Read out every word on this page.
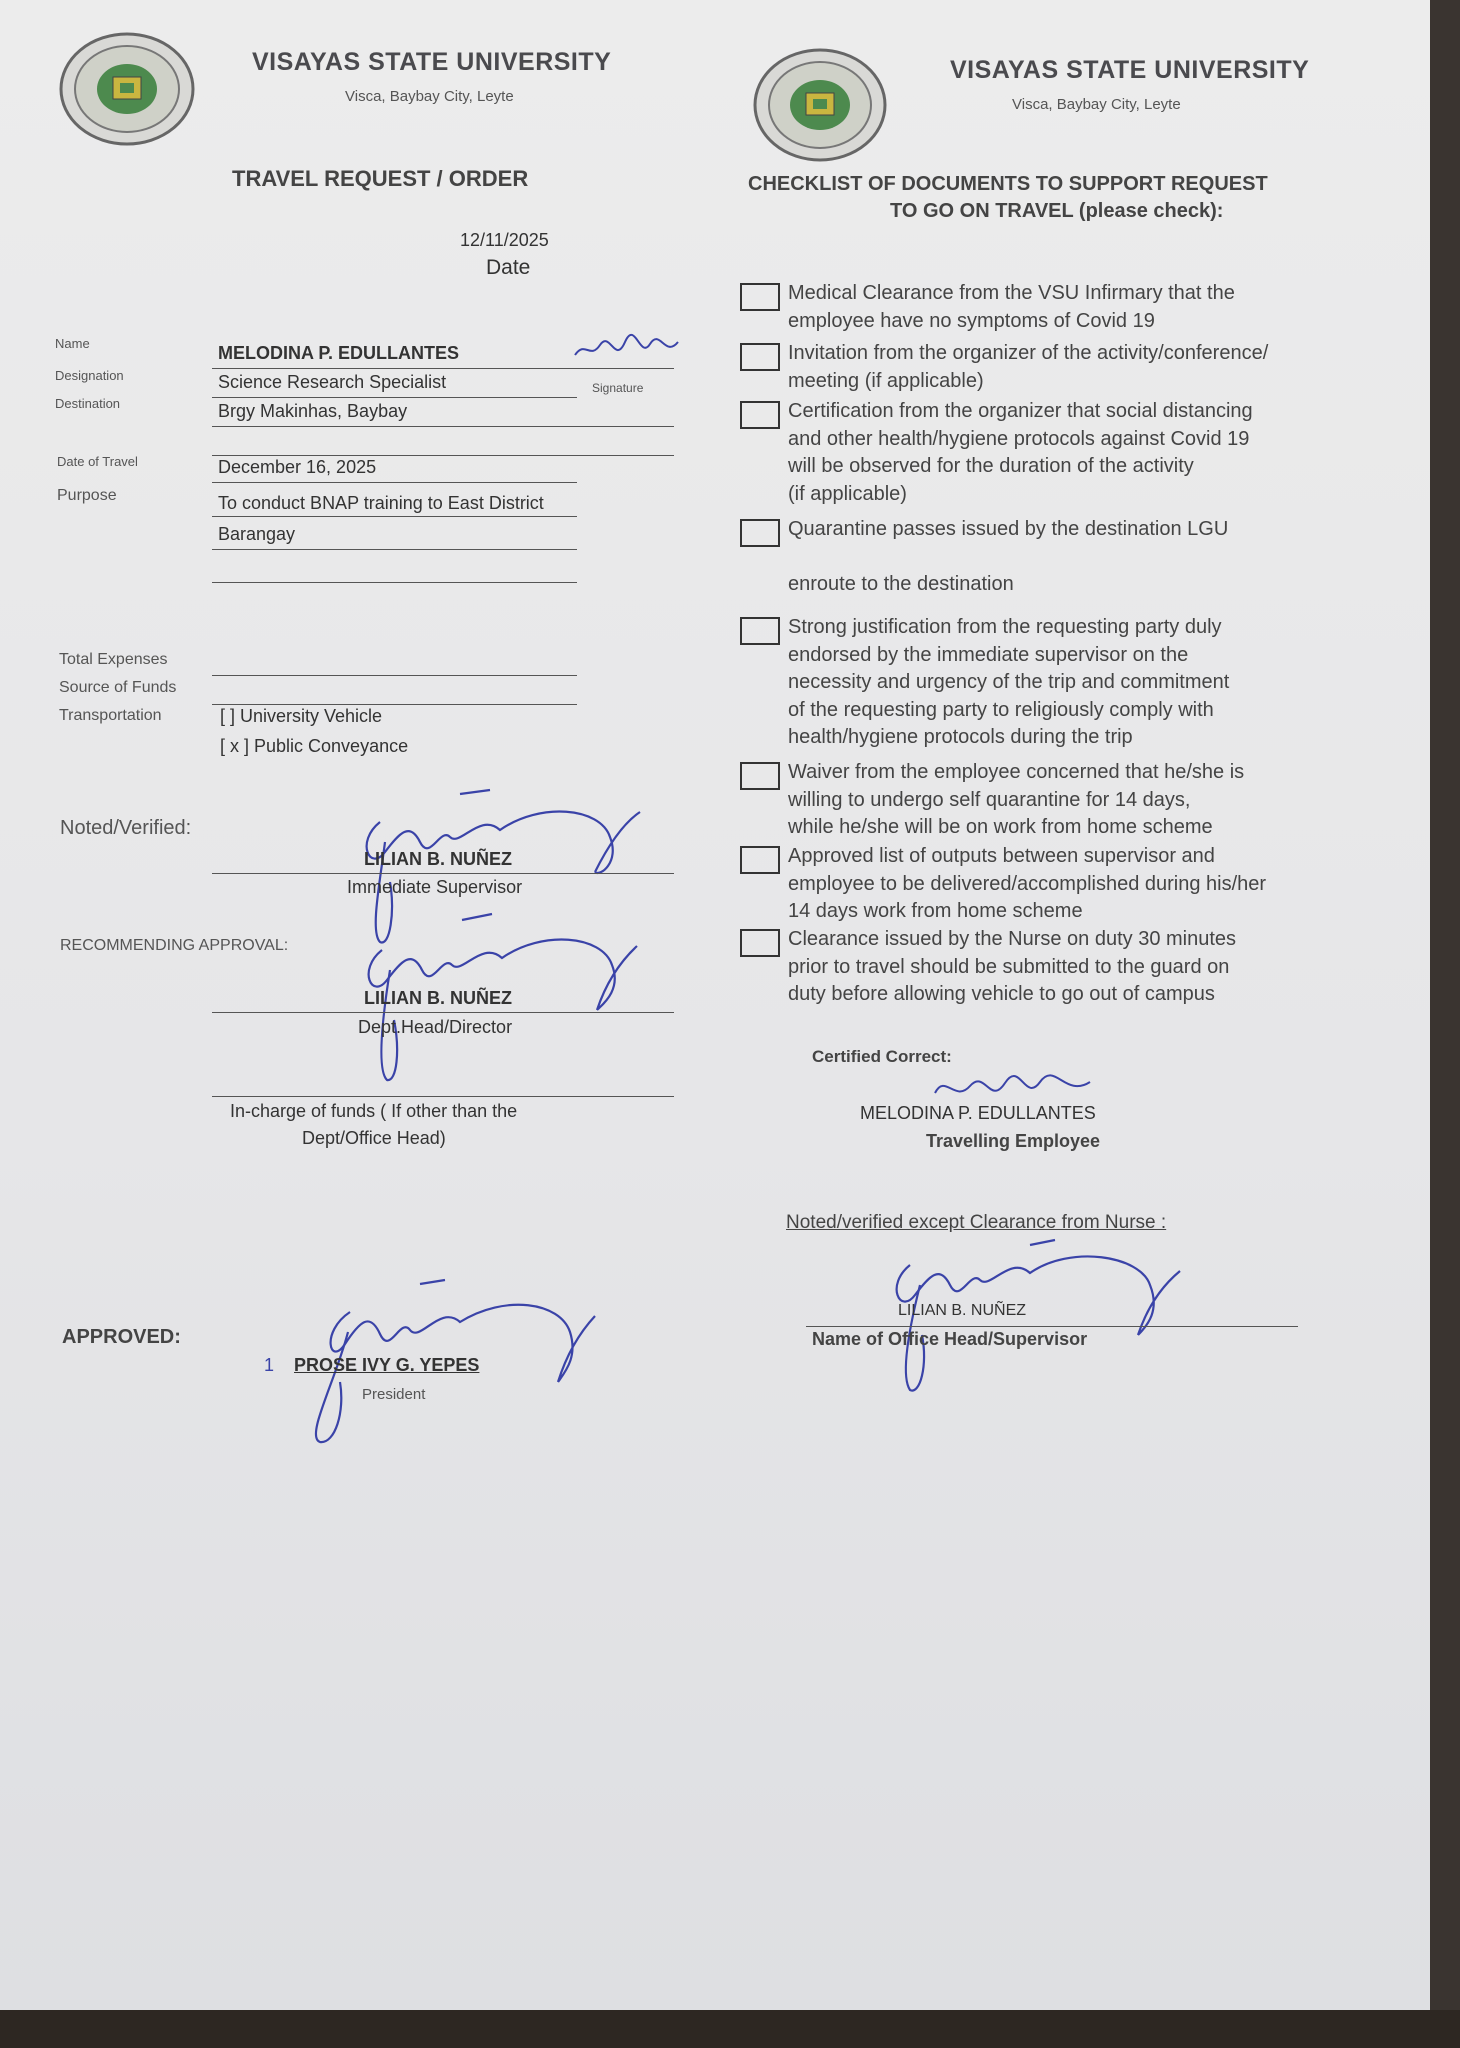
VISAYAS STATE UNIVERSITY

Visca, Baybay City, Leyte

TRAVEL REQUEST / ORDER

12/11/2025

Date

Name	MELODINA P. EDULLANTES

Signature

Designation	Science Research Specialist

Destination	Brgy Makinhas, Baybay

Date of Travel	December 16, 2025

Purpose	To conduct BNAP training to East District

Barangay

Total Expenses

Source of Funds

Transportation	[ ] University Vehicle

[ x ] Public Conveyance

Noted/Verified:

LILIAN B. NUÑEZ

Immediate Supervisor

RECOMMENDING APPROVAL:

LILIAN B. NUÑEZ

Dept.Head/Director

In-charge of funds ( If other than the

Dept/Office Head)

APPROVED:

1 PROSE IVY G. YEPES

President

VISAYAS STATE UNIVERSITY

Visca, Baybay City, Leyte

CHECKLIST OF DOCUMENTS TO SUPPORT REQUEST

TO GO ON TRAVEL (please check):

Medical Clearance from the VSU Infirmary that the

employee have no symptoms of Covid 19

Invitation from the organizer of the activity/conference/

meeting (if applicable)

Certification from the organizer that social distancing

and other health/hygiene protocols against Covid 19

will be observed for the duration of the activity

(if applicable)

Quarantine passes issued by the destination LGU

enroute to the destination

Strong justification from the requesting party duly

endorsed by the immediate supervisor on the

necessity and urgency of the trip and commitment

of the requesting party to religiously comply with

health/hygiene protocols during the trip

Waiver from the employee concerned that he/she is

willing to undergo self quarantine for 14 days,

while he/she will be on work from home scheme

Approved list of outputs between supervisor and

employee to be delivered/accomplished during his/her

14 days work from home scheme

Clearance issued by the Nurse on duty 30 minutes

prior to travel should be submitted to the guard on

duty before allowing vehicle to go out of campus

Certified Correct:

MELODINA P. EDULLANTES

Travelling Employee

Noted/verified except Clearance from Nurse :

LILIAN B. NUÑEZ

Name of Office Head/Supervisor
